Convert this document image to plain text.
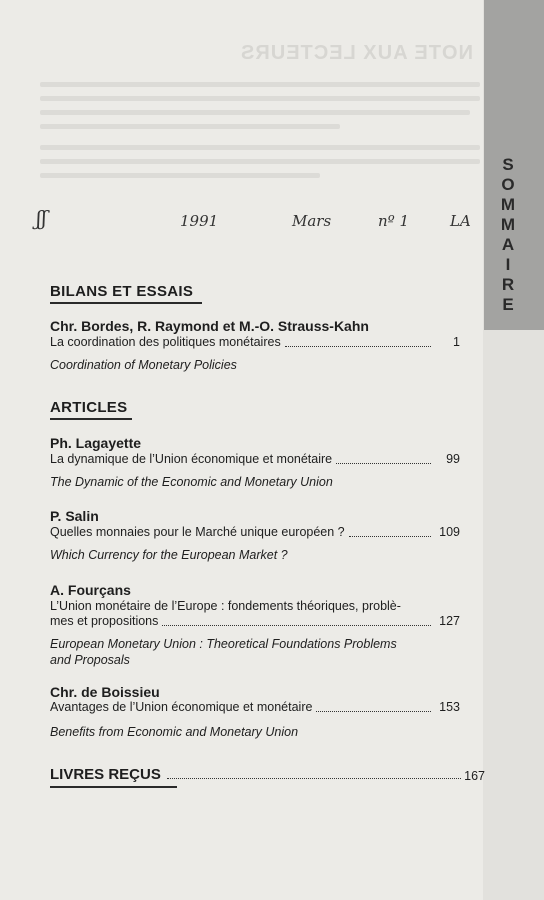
NOTE AUX LECTEURS
S
O
M
M
A
I
R
E
ʃʃ	1991	Mars	nº 1	LA
BILANS ET ESSAIS
Chr. Bordes, R. Raymond et M.-O. Strauss-Kahn
La coordination des politiques monétaires	1
Coordination of Monetary Policies
ARTICLES
Ph. Lagayette
La dynamique de l’Union économique et monétaire	99
The Dynamic of the Economic and Monetary Union
P. Salin
Quelles monnaies pour le Marché unique européen ?	109
Which Currency for the European Market ?
A. Fourçans
L’Union monétaire de l’Europe : fondements théoriques, problè-
mes et propositions	127
European Monetary Union : Theoretical Foundations Problems and Proposals
Chr. de Boissieu
Avantages de l’Union économique et monétaire	153
Benefits from Economic and Monetary Union
LIVRES REÇUS	167
